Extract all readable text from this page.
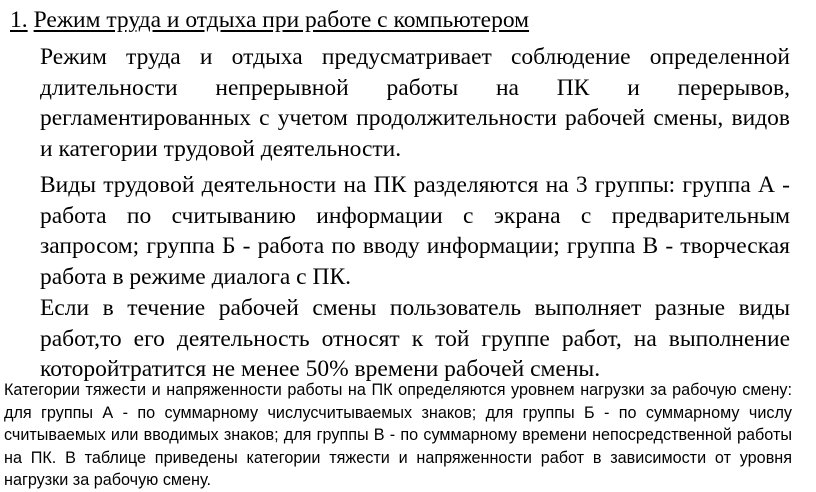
1. Режим труда и отдыха при работе с компьютером

Режим труда и отдыха предусматривает соблюдение определенной длительности непрерывной работы на ПК и перерывов, регламентированных с учетом продолжительности рабочей смены, видов и категории трудовой деятельности.

Виды трудовой деятельности на ПК разделяются на 3 группы: группа А - работа по считыванию информации с экрана с предварительным запросом; группа Б - работа по вводу информации; группа В - творческая работа в режиме диалога с ПК.

Если в течение рабочей смены пользователь выполняет разные виды работ,то его деятельность относят к той группе работ, на выполнение которойтратится не менее 50% времени рабочей смены.

Категории тяжести и напряженности работы на ПК определяются уровнем нагрузки за рабочую смену: для группы А - по суммарному числусчитываемых знаков; для группы Б - по суммарному числу считываемых или вводимых знаков; для группы В - по суммарному времени непосредственной работы на ПК. В таблице приведены категории тяжести и напряженности работ в зависимости от уровня нагрузки за рабочую смену.
